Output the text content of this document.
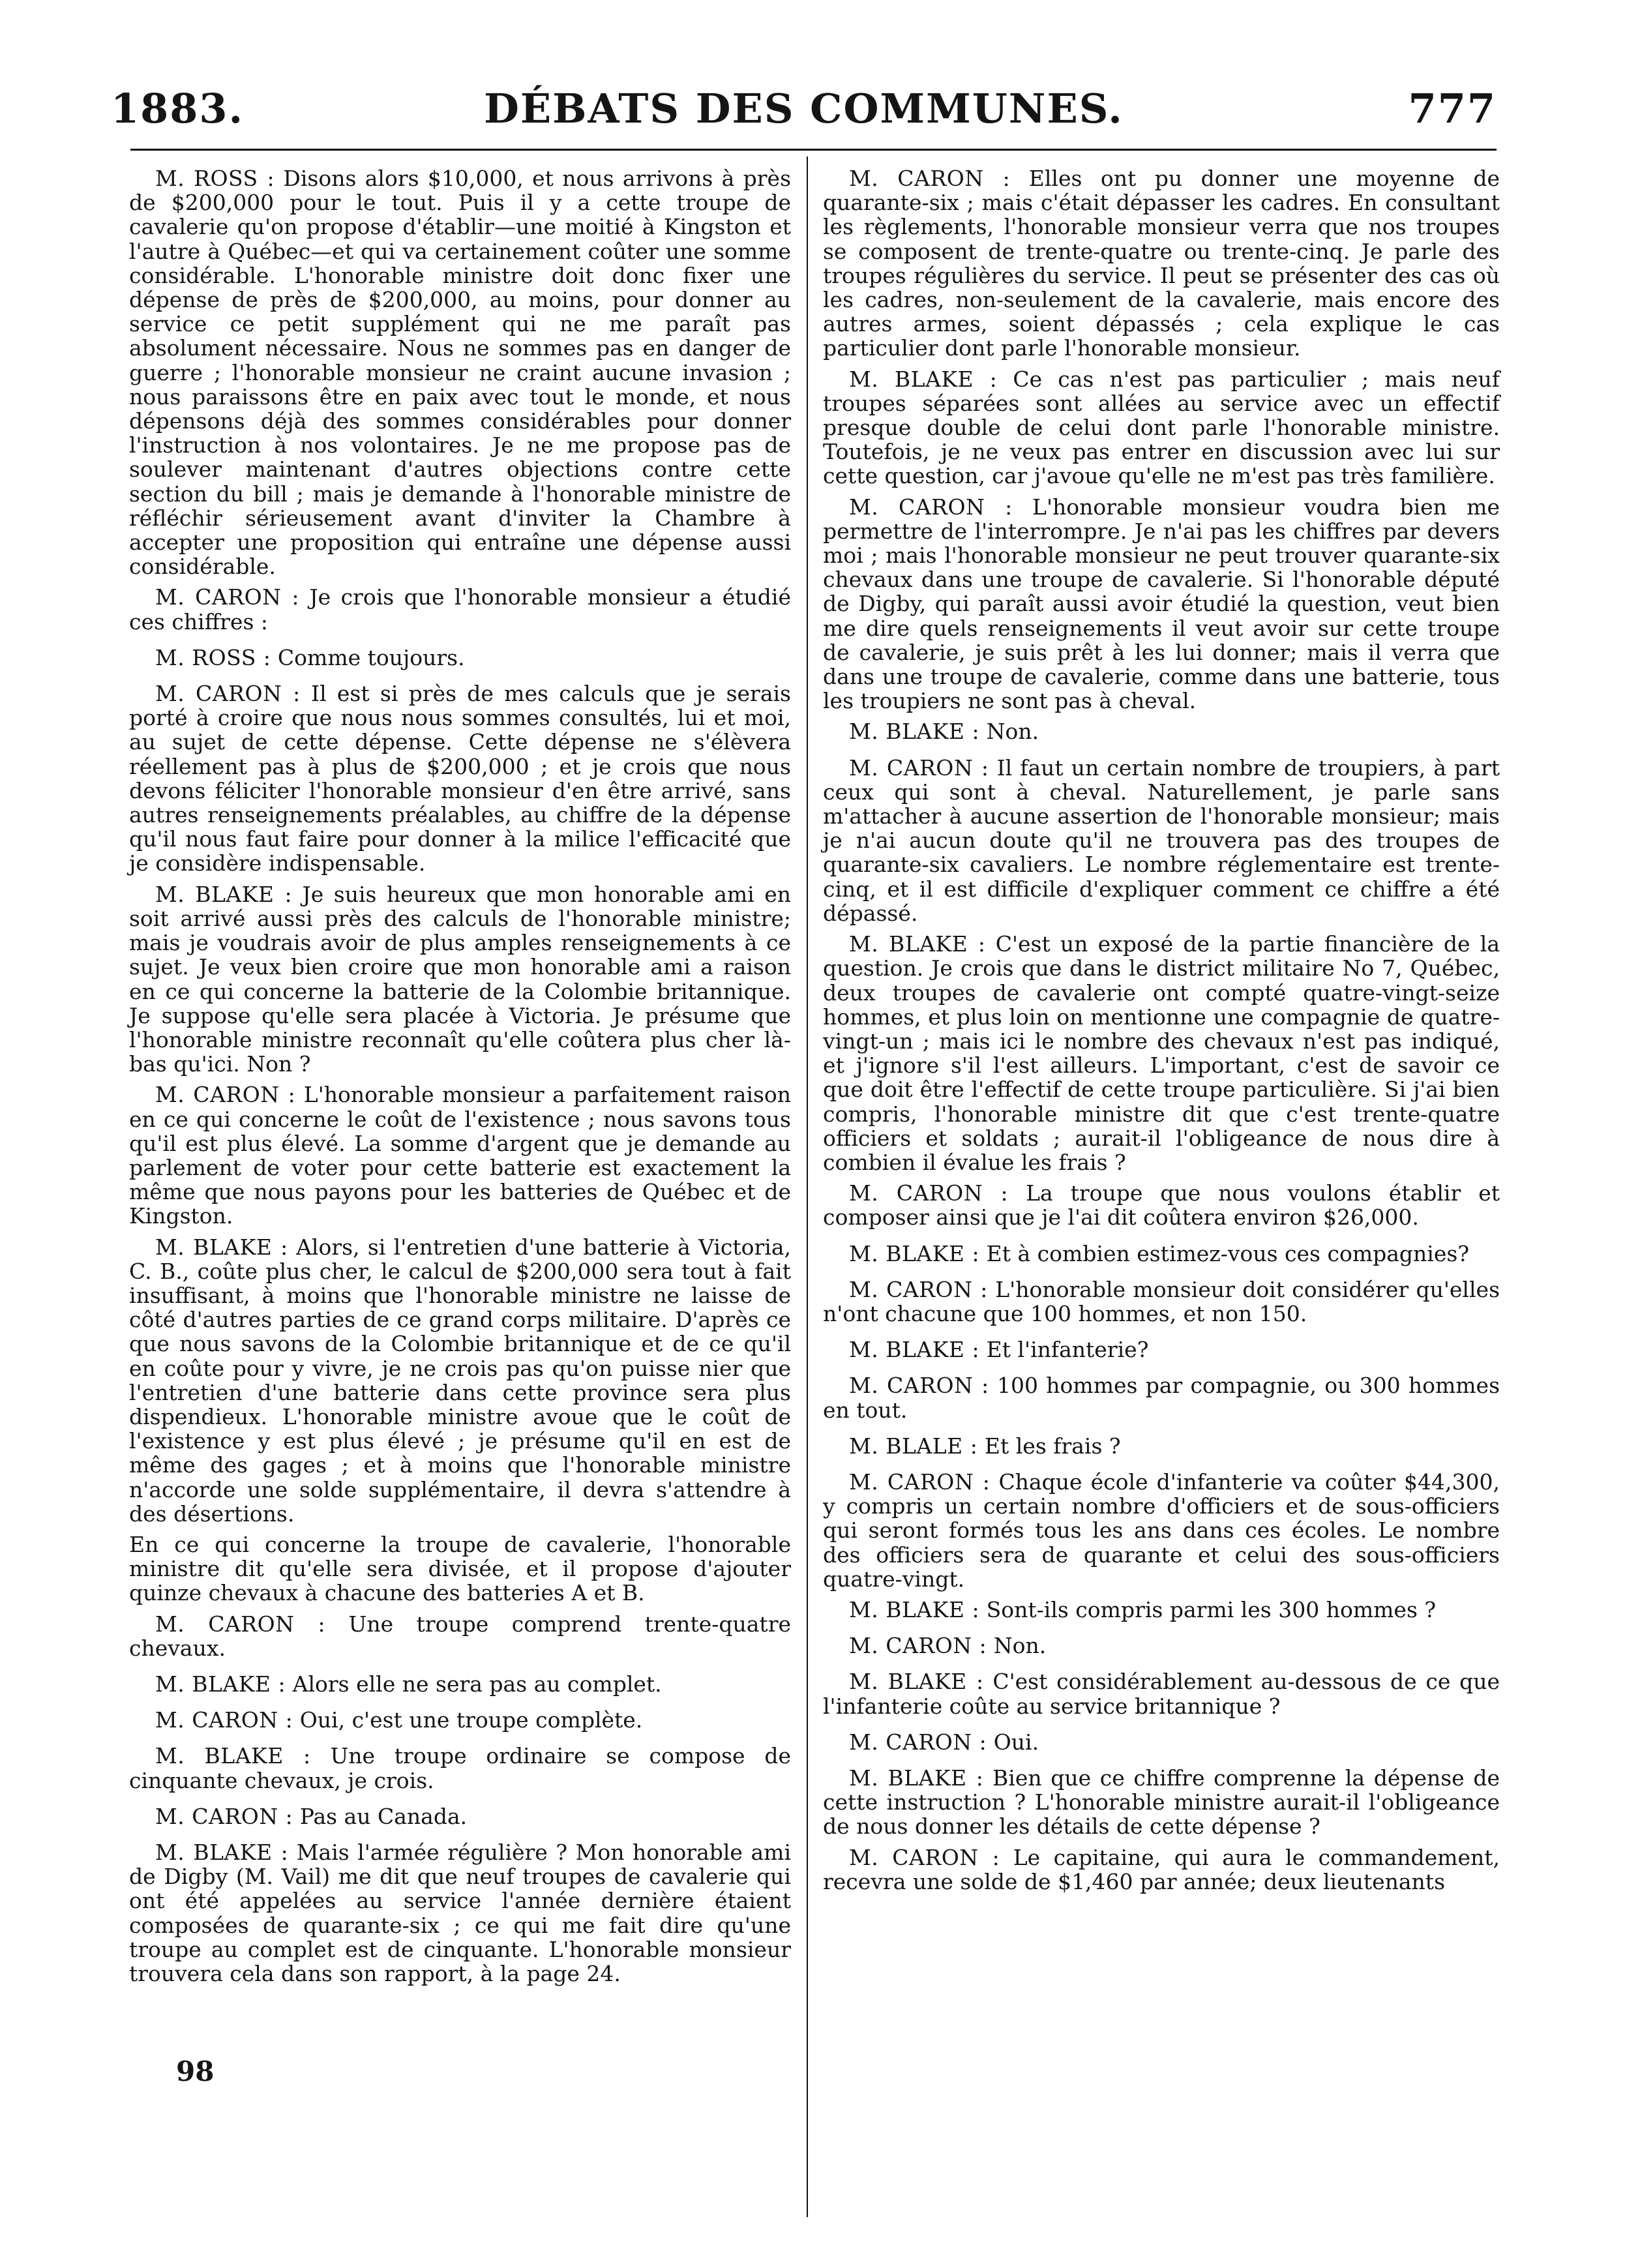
1883.	DÉBATS DES COMMUNES.	777

M. ROSS : Disons alors $10,000, et nous arrivons à près de $200,000 pour le tout. Puis il y a cette troupe de cavalerie qu'on propose d'établir—une moitié à Kingston et l'autre à Québec—et qui va certainement coûter une somme considérable. L'honorable ministre doit donc fixer une dépense de près de $200,000, au moins, pour donner au service ce petit supplément qui ne me paraît pas absolument nécessaire. Nous ne sommes pas en danger de guerre ; l'honorable monsieur ne craint aucune invasion ; nous paraissons être en paix avec tout le monde, et nous dépensons déjà des sommes considérables pour donner l'instruction à nos volontaires. Je ne me propose pas de soulever maintenant d'autres objections contre cette section du bill ; mais je demande à l'honorable ministre de réfléchir sérieusement avant d'inviter la Chambre à accepter une proposition qui entraîne une dépense aussi considérable.

M. CARON : Je crois que l'honorable monsieur a étudié ces chiffres :

M. ROSS : Comme toujours.

M. CARON : Il est si près de mes calculs que je serais porté à croire que nous nous sommes consultés, lui et moi, au sujet de cette dépense. Cette dépense ne s'élèvera réellement pas à plus de $200,000 ; et je crois que nous devons féliciter l'honorable monsieur d'en être arrivé, sans autres renseignements préalables, au chiffre de la dépense qu'il nous faut faire pour donner à la milice l'efficacité que je considère indispensable.

M. BLAKE : Je suis heureux que mon honorable ami en soit arrivé aussi près des calculs de l'honorable ministre; mais je voudrais avoir de plus amples renseignements à ce sujet. Je veux bien croire que mon honorable ami a raison en ce qui concerne la batterie de la Colombie britannique. Je suppose qu'elle sera placée à Victoria. Je présume que l'honorable ministre reconnaît qu'elle coûtera plus cher là-bas qu'ici. Non ?

M. CARON : L'honorable monsieur a parfaitement raison en ce qui concerne le coût de l'existence ; nous savons tous qu'il est plus élevé. La somme d'argent que je demande au parlement de voter pour cette batterie est exactement la même que nous payons pour les batteries de Québec et de Kingston.

M. BLAKE : Alors, si l'entretien d'une batterie à Victoria, C. B., coûte plus cher, le calcul de $200,000 sera tout à fait insuffisant, à moins que l'honorable ministre ne laisse de côté d'autres parties de ce grand corps militaire. D'après ce que nous savons de la Colombie britannique et de ce qu'il en coûte pour y vivre, je ne crois pas qu'on puisse nier que l'entretien d'une batterie dans cette province sera plus dispendieux. L'honorable ministre avoue que le coût de l'existence y est plus élevé ; je présume qu'il en est de même des gages ; et à moins que l'honorable ministre n'accorde une solde supplémentaire, il devra s'attendre à des désertions.

En ce qui concerne la troupe de cavalerie, l'honorable ministre dit qu'elle sera divisée, et il propose d'ajouter quinze chevaux à chacune des batteries A et B.

M. CARON : Une troupe comprend trente-quatre chevaux.

M. BLAKE : Alors elle ne sera pas au complet.

M. CARON : Oui, c'est une troupe complète.

M. BLAKE : Une troupe ordinaire se compose de cinquante chevaux, je crois.

M. CARON : Pas au Canada.

M. BLAKE : Mais l'armée régulière ? Mon honorable ami de Digby (M. Vail) me dit que neuf troupes de cavalerie qui ont été appelées au service l'année dernière étaient composées de quarante-six ; ce qui me fait dire qu'une troupe au complet est de cinquante. L'honorable monsieur trouvera cela dans son rapport, à la page 24.

M. CARON : Elles ont pu donner une moyenne de quarante-six ; mais c'était dépasser les cadres. En consultant les règlements, l'honorable monsieur verra que nos troupes se composent de trente-quatre ou trente-cinq. Je parle des troupes régulières du service. Il peut se présenter des cas où les cadres, non-seulement de la cavalerie, mais encore des autres armes, soient dépassés ; cela explique le cas particulier dont parle l'honorable monsieur.

M. BLAKE : Ce cas n'est pas particulier ; mais neuf troupes séparées sont allées au service avec un effectif presque double de celui dont parle l'honorable ministre. Toutefois, je ne veux pas entrer en discussion avec lui sur cette question, car j'avoue qu'elle ne m'est pas très familière.

M. CARON : L'honorable monsieur voudra bien me permettre de l'interrompre. Je n'ai pas les chiffres par devers moi ; mais l'honorable monsieur ne peut trouver quarante-six chevaux dans une troupe de cavalerie. Si l'honorable député de Digby, qui paraît aussi avoir étudié la question, veut bien me dire quels renseignements il veut avoir sur cette troupe de cavalerie, je suis prêt à les lui donner; mais il verra que dans une troupe de cavalerie, comme dans une batterie, tous les troupiers ne sont pas à cheval.

M. BLAKE : Non.

M. CARON : Il faut un certain nombre de troupiers, à part ceux qui sont à cheval. Naturellement, je parle sans m'attacher à aucune assertion de l'honorable monsieur; mais je n'ai aucun doute qu'il ne trouvera pas des troupes de quarante-six cavaliers. Le nombre réglementaire est trente-cinq, et il est difficile d'expliquer comment ce chiffre a été dépassé.

M. BLAKE : C'est un exposé de la partie financière de la question. Je crois que dans le district militaire No 7, Québec, deux troupes de cavalerie ont compté quatre-vingt-seize hommes, et plus loin on mentionne une compagnie de quatre-vingt-un ; mais ici le nombre des chevaux n'est pas indiqué, et j'ignore s'il l'est ailleurs. L'important, c'est de savoir ce que doit être l'effectif de cette troupe particulière. Si j'ai bien compris, l'honorable ministre dit que c'est trente-quatre officiers et soldats ; aurait-il l'obligeance de nous dire à combien il évalue les frais ?

M. CARON : La troupe que nous voulons établir et composer ainsi que je l'ai dit coûtera environ $26,000.

M. BLAKE : Et à combien estimez-vous ces compagnies?

M. CARON : L'honorable monsieur doit considérer qu'elles n'ont chacune que 100 hommes, et non 150.

M. BLAKE : Et l'infanterie?

M. CARON : 100 hommes par compagnie, ou 300 hommes en tout.

M. BLALE : Et les frais ?

M. CARON : Chaque école d'infanterie va coûter $44,300, y compris un certain nombre d'officiers et de sous-officiers qui seront formés tous les ans dans ces écoles. Le nombre des officiers sera de quarante et celui des sous-officiers quatre-vingt.

M. BLAKE : Sont-ils compris parmi les 300 hommes ?

M. CARON : Non.

M. BLAKE : C'est considérablement au-dessous de ce que l'infanterie coûte au service britannique ?

M. CARON : Oui.

M. BLAKE : Bien que ce chiffre comprenne la dépense de cette instruction ? L'honorable ministre aurait-il l'obligeance de nous donner les détails de cette dépense ?

M. CARON : Le capitaine, qui aura le commandement, recevra une solde de $1,460 par année; deux lieutenants

98
